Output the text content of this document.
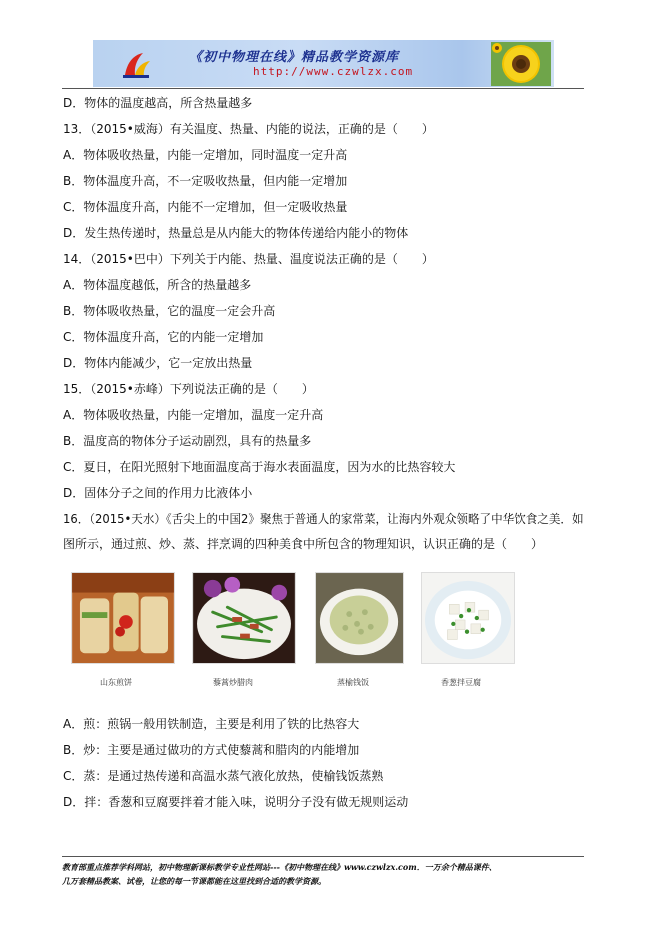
《初中物理在线》精品教学资源库
http://www.czwlzx.com
D．物体的温度越高，所含热量越多
13．（2015•威海）有关温度、热量、内能的说法，正确的是（　　）
A．物体吸收热量，内能一定增加，同时温度一定升高
B．物体温度升高，不一定吸收热量，但内能一定增加
C．物体温度升高，内能不一定增加，但一定吸收热量
D．发生热传递时，热量总是从内能大的物体传递给内能小的物体
14．（2015•巴中）下列关于内能、热量、温度说法正确的是（　　）
A．物体温度越低，所含的热量越多
B．物体吸收热量，它的温度一定会升高
C．物体温度升高，它的内能一定增加
D．物体内能减少，它一定放出热量
15．（2015•赤峰）下列说法正确的是（　　）
A．物体吸收热量，内能一定增加，温度一定升高
B．温度高的物体分子运动剧烈，具有的热量多
C．夏日，在阳光照射下地面温度高于海水表面温度，因为水的比热容较大
D．固体分子之间的作用力比液体小
16．（2015•天水）《舌尖上的中国2》聚焦于普通人的家常菜，让海内外观众领略了中华饮食之美．如
图所示，通过煎、炒、蒸、拌烹调的四种美食中所包含的物理知识，认识正确的是（　　）
山东煎饼	藜蒿炒腊肉	蒸榆钱饭	香葱拌豆腐
A．煎：煎锅一般用铁制造，主要是利用了铁的比热容大
B．炒：主要是通过做功的方式使藜蒿和腊肉的内能增加
C．蒸：是通过热传递和高温水蒸气液化放热，使榆钱饭蒸熟
D．拌：香葱和豆腐要拌着才能入味，说明分子没有做无规则运动
教育部重点推荐学科网站，初中物理新课标教学专业性网站---《初中物理在线》www.czwlzx.com．一万余个精品课件、
几万套精品教案、试卷，让您的每一节课都能在这里找到合适的教学资源。
